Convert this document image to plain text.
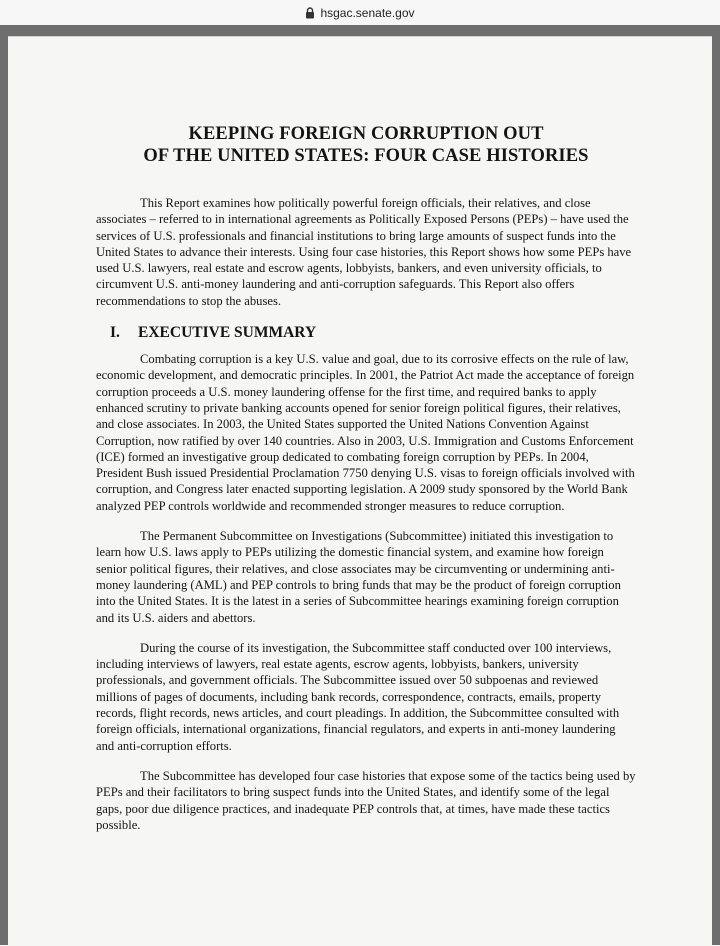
hsgac.senate.gov
KEEPING FOREIGN CORRUPTION OUT
OF THE UNITED STATES: FOUR CASE HISTORIES

This Report examines how politically powerful foreign officials, their relatives, and close associates – referred to in international agreements as Politically Exposed Persons (PEPs) – have used the services of U.S. professionals and financial institutions to bring large amounts of suspect funds into the United States to advance their interests. Using four case histories, this Report shows how some PEPs have used U.S. lawyers, real estate and escrow agents, lobbyists, bankers, and even university officials, to circumvent U.S. anti-money laundering and anti-corruption safeguards. This Report also offers recommendations to stop the abuses.

I. EXECUTIVE SUMMARY

Combating corruption is a key U.S. value and goal, due to its corrosive effects on the rule of law, economic development, and democratic principles. In 2001, the Patriot Act made the acceptance of foreign corruption proceeds a U.S. money laundering offense for the first time, and required banks to apply enhanced scrutiny to private banking accounts opened for senior foreign political figures, their relatives, and close associates. In 2003, the United States supported the United Nations Convention Against Corruption, now ratified by over 140 countries. Also in 2003, U.S. Immigration and Customs Enforcement (ICE) formed an investigative group dedicated to combating foreign corruption by PEPs. In 2004, President Bush issued Presidential Proclamation 7750 denying U.S. visas to foreign officials involved with corruption, and Congress later enacted supporting legislation. A 2009 study sponsored by the World Bank analyzed PEP controls worldwide and recommended stronger measures to reduce corruption.

The Permanent Subcommittee on Investigations (Subcommittee) initiated this investigation to learn how U.S. laws apply to PEPs utilizing the domestic financial system, and examine how foreign senior political figures, their relatives, and close associates may be circumventing or undermining anti-money laundering (AML) and PEP controls to bring funds that may be the product of foreign corruption into the United States. It is the latest in a series of Subcommittee hearings examining foreign corruption and its U.S. aiders and abettors.

During the course of its investigation, the Subcommittee staff conducted over 100 interviews, including interviews of lawyers, real estate agents, escrow agents, lobbyists, bankers, university professionals, and government officials. The Subcommittee issued over 50 subpoenas and reviewed millions of pages of documents, including bank records, correspondence, contracts, emails, property records, flight records, news articles, and court pleadings. In addition, the Subcommittee consulted with foreign officials, international organizations, financial regulators, and experts in anti-money laundering and anti-corruption efforts.

The Subcommittee has developed four case histories that expose some of the tactics being used by PEPs and their facilitators to bring suspect funds into the United States, and identify some of the legal gaps, poor due diligence practices, and inadequate PEP controls that, at times, have made these tactics possible.
